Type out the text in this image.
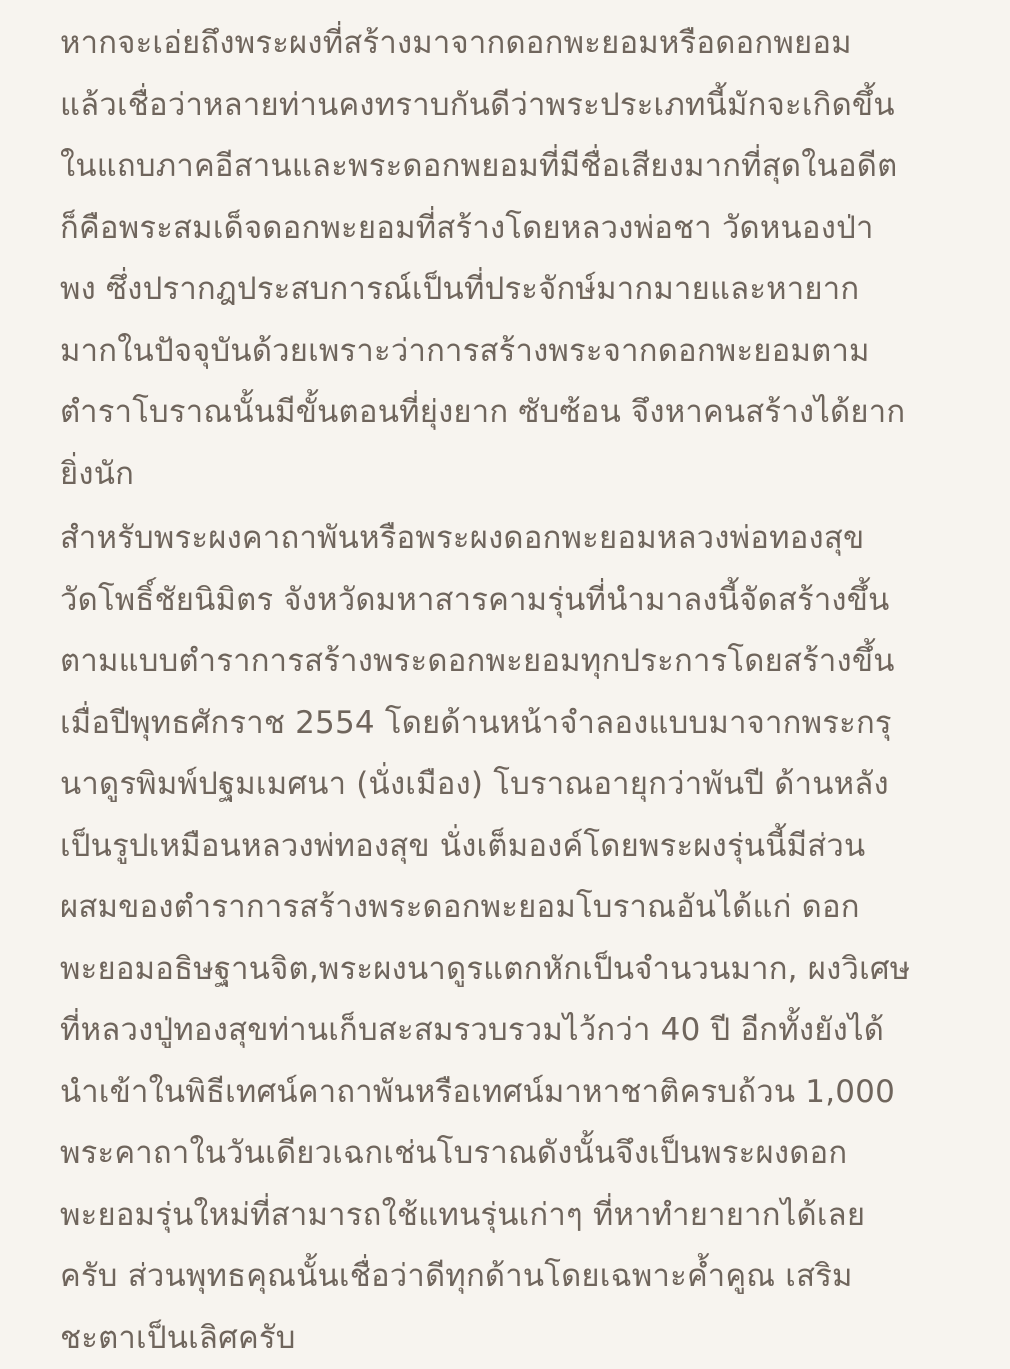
หากจะเอ่ยถึงพระผงที่สร้างมาจากดอกพะยอมหรือดอกพยอม
แล้วเชื่อว่าหลายท่านคงทราบกันดีว่าพระประเภทนี้มักจะเกิดขึ้น
ในแถบภาคอีสานและพระดอกพยอมที่มีชื่อเสียงมากที่สุดในอดีต
ก็คือพระสมเด็จดอกพะยอมที่สร้างโดยหลวงพ่อชา วัดหนองป่า
พง ซึ่งปรากฎประสบการณ์เป็นที่ประจักษ์มากมายและหายาก
มากในปัจจุบันด้วยเพราะว่าการสร้างพระจากดอกพะยอมตาม
ตำราโบราณนั้นมีขั้นตอนที่ยุ่งยาก ซับซ้อน จึงหาคนสร้างได้ยาก
ยิ่งนัก
สำหรับพระผงคาถาพันหรือพระผงดอกพะยอมหลวงพ่อทองสุข
วัดโพธิ์ชัยนิมิตร จังหวัดมหาสารคามรุ่นที่นำมาลงนี้จัดสร้างขึ้น
ตามแบบตำราการสร้างพระดอกพะยอมทุกประการโดยสร้างขึ้น
เมื่อปีพุทธศักราช 2554 โดยด้านหน้าจำลองแบบมาจากพระกรุ
นาดูรพิมพ์ปฐมเมศนา (นั่งเมือง) โบราณอายุกว่าพันปี ด้านหลัง
เป็นรูปเหมือนหลวงพ่ทองสุข นั่งเต็มองค์โดยพระผงรุ่นนี้มีส่วน
ผสมของตำราการสร้างพระดอกพะยอมโบราณอันได้แก่ ดอก
พะยอมอธิษฐานจิต,พระผงนาดูรแตกหักเป็นจำนวนมาก, ผงวิเศษ
ที่หลวงปู่ทองสุขท่านเก็บสะสมรวบรวมไว้กว่า 40 ปี อีกทั้งยังได้
นำเข้าในพิธีเทศน์คาถาพันหรือเทศน์มาหาชาติครบถ้วน 1,000
พระคาถาในวันเดียวเฉกเช่นโบราณดังนั้นจึงเป็นพระผงดอก
พะยอมรุ่นใหม่ที่สามารถใช้แทนรุ่นเก่าๆ ที่หาทำยายากได้เลย
ครับ ส่วนพุทธคุณนั้นเชื่อว่าดีทุกด้านโดยเฉพาะค้ำคูณ เสริม
ชะตาเป็นเลิศครับ
